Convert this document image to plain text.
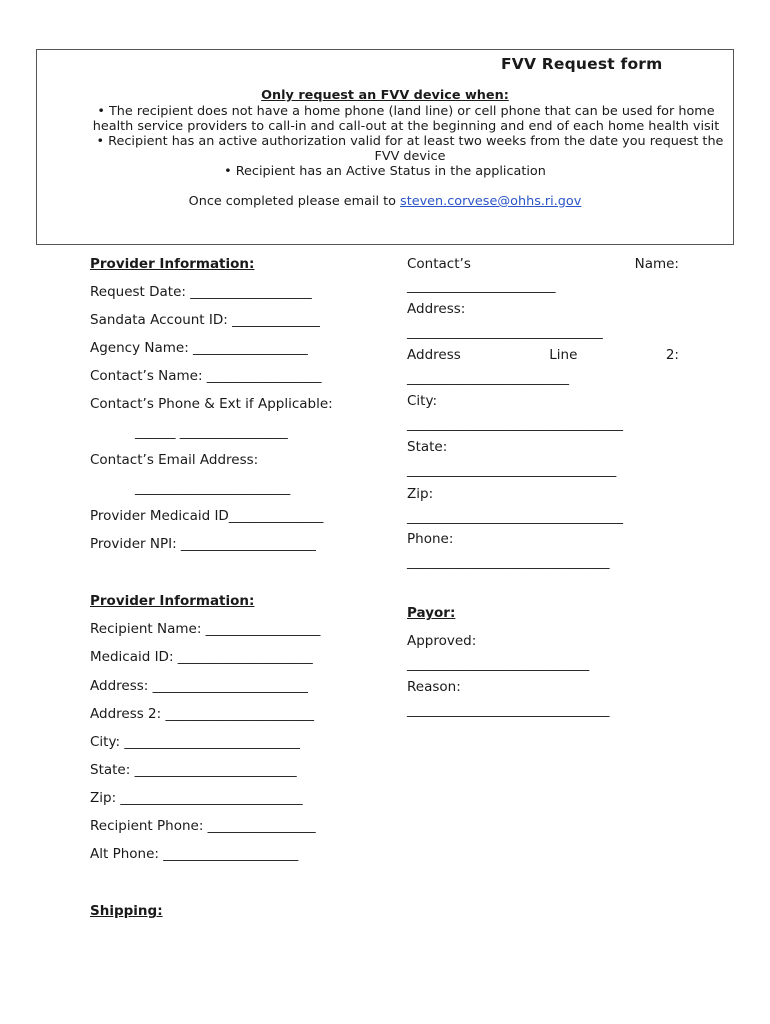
FVV Request form
Only request an FVV device when:
• The recipient does not have a home phone (land line) or cell phone that can be used for home health service providers to call-in and call-out at the beginning and end of each home health visit
• Recipient has an active authorization valid for at least two weeks from the date you request the FVV device
• Recipient has an Active Status in the application
Once completed please email to steven.corvese@ohhs.ri.gov
Provider Information:
Request Date: __________________
Sandata Account ID: _____________
Agency Name: _________________
Contact’s Name: _________________
Contact’s Phone & Ext if Applicable:
______ ________________
Contact’s Email Address:
_______________________
Provider Medicaid ID______________
Provider NPI: ____________________
Contact’s	Name:
______________________
Address:
_____________________________
Address	Line	2:
________________________
City:
________________________________
State:
_______________________________
Zip:
________________________________
Phone:
______________________________
Provider Information:
Recipient Name: _________________
Medicaid ID: ____________________
Address: _______________________
Address 2: ______________________
City: __________________________
State: ________________________
Zip: ___________________________
Recipient Phone: ________________
Alt Phone: ____________________
Payor:
Approved:
___________________________
Reason:
______________________________
Shipping:
